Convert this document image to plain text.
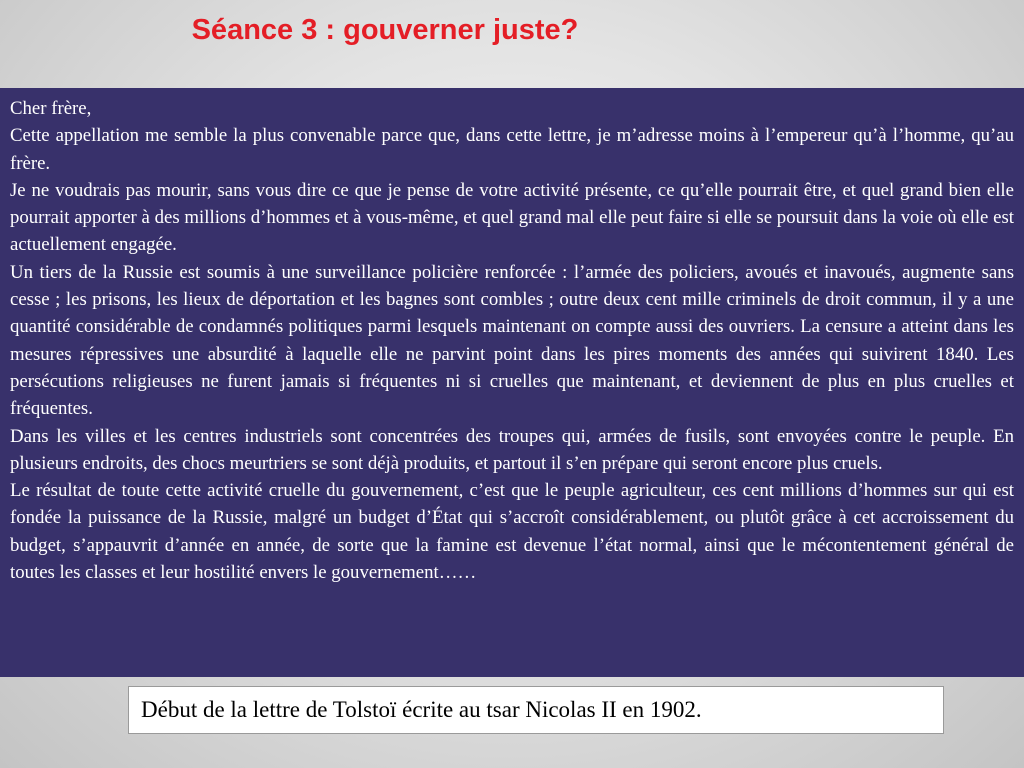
Séance 3 : gouverner juste?

Cher frère,

Cette appellation me semble la plus convenable parce que, dans cette lettre, je m’adresse moins à l’empereur qu’à l’homme, qu’au frère.

Je ne voudrais pas mourir, sans vous dire ce que je pense de votre activité présente, ce qu’elle pourrait être, et quel grand bien elle pourrait apporter à des millions d’hommes et à vous-même, et quel grand mal elle peut faire si elle se poursuit dans la voie où elle est actuellement engagée.

Un tiers de la Russie est soumis à une surveillance policière renforcée : l’armée des policiers, avoués et inavoués, augmente sans cesse ; les prisons, les lieux de déportation et les bagnes sont combles ; outre deux cent mille criminels de droit commun, il y a une quantité considérable de condamnés politiques parmi lesquels maintenant on compte aussi des ouvriers. La censure a atteint dans les mesures répressives une absurdité à laquelle elle ne parvint point dans les pires moments des années qui suivirent 1840. Les persécutions religieuses ne furent jamais si fréquentes ni si cruelles que maintenant, et deviennent de plus en plus cruelles et fréquentes.

Dans les villes et les centres industriels sont concentrées des troupes qui, armées de fusils, sont envoyées contre le peuple. En plusieurs endroits, des chocs meurtriers se sont déjà produits, et partout il s’en prépare qui seront encore plus cruels.

Le résultat de toute cette activité cruelle du gouvernement, c’est que le peuple agriculteur, ces cent millions d’hommes sur qui est fondée la puissance de la Russie, malgré un budget d’État qui s’accroît considérablement, ou plutôt grâce à cet accroissement du budget, s’appauvrit d’année en année, de sorte que la famine est devenue l’état normal, ainsi que le mécontentement général de toutes les classes et leur hostilité envers le gouvernement……

Début de la lettre de Tolstoï écrite au tsar Nicolas II en 1902.
